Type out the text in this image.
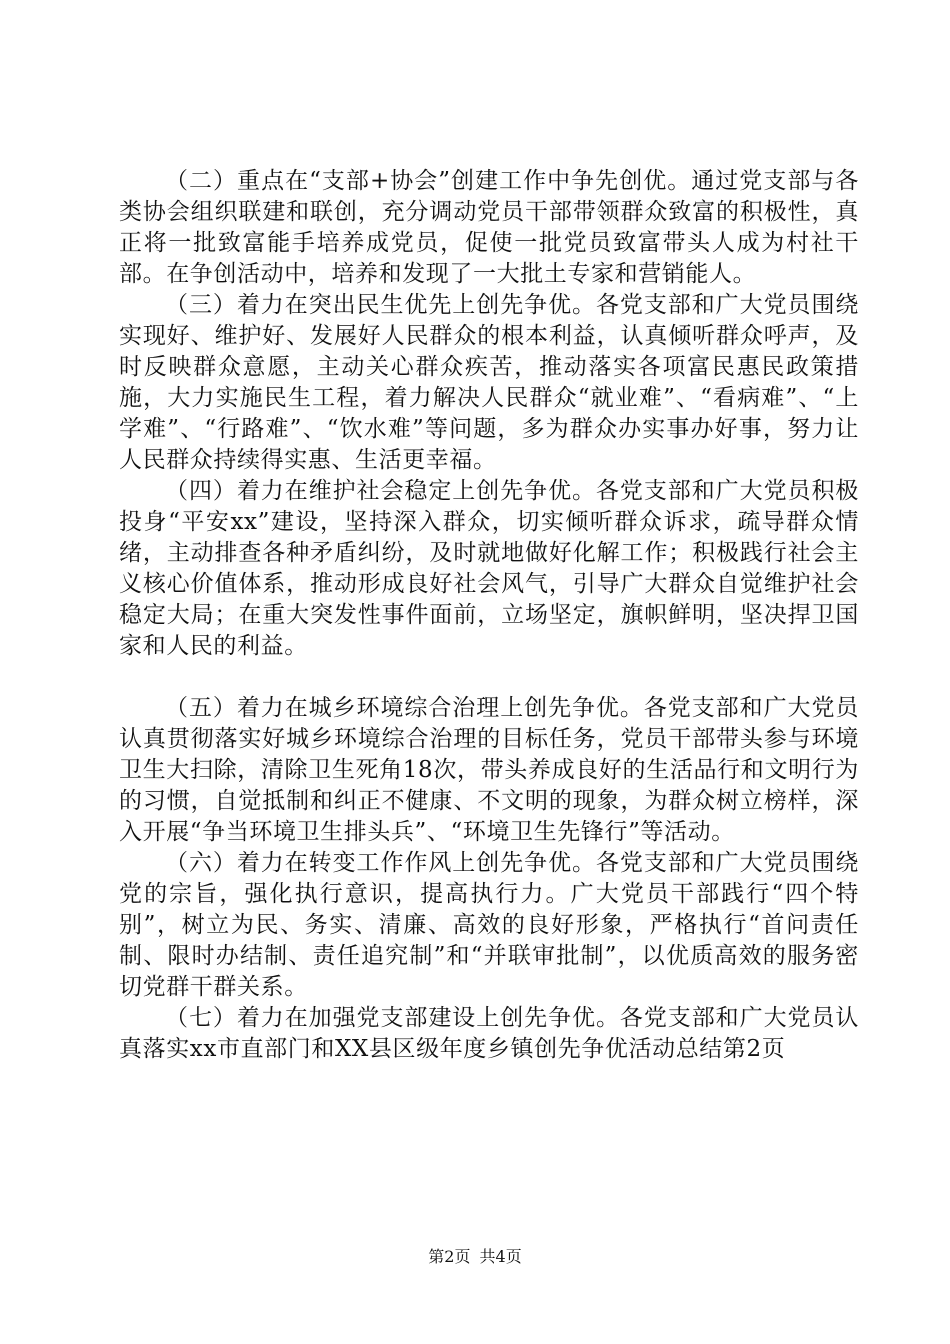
（二）重点在“支部+协会”创建工作中争先创优。通过党支部与各类协会组织联建和联创，充分调动党员干部带领群众致富的积极性，真正将一批致富能手培养成党员，促使一批党员致富带头人成为村社干部。在争创活动中，培养和发现了一大批土专家和营销能人。

（三）着力在突出民生优先上创先争优。各党支部和广大党员围绕实现好、维护好、发展好人民群众的根本利益，认真倾听群众呼声，及时反映群众意愿，主动关心群众疾苦，推动落实各项富民惠民政策措施，大力实施民生工程，着力解决人民群众“就业难”、“看病难”、“上学难”、“行路难”、“饮水难”等问题，多为群众办实事办好事，努力让人民群众持续得实惠、生活更幸福。

（四）着力在维护社会稳定上创先争优。各党支部和广大党员积极投身“平安xx”建设，坚持深入群众，切实倾听群众诉求，疏导群众情绪，主动排查各种矛盾纠纷，及时就地做好化解工作；积极践行社会主义核心价值体系，推动形成良好社会风气，引导广大群众自觉维护社会稳定大局；在重大突发性事件面前，立场坚定，旗帜鲜明，坚决捍卫国家和人民的利益。

（五）着力在城乡环境综合治理上创先争优。各党支部和广大党员认真贯彻落实好城乡环境综合治理的目标任务，党员干部带头参与环境卫生大扫除，清除卫生死角18次，带头养成良好的生活品行和文明行为的习惯，自觉抵制和纠正不健康、不文明的现象，为群众树立榜样，深入开展“争当环境卫生排头兵”、“环境卫生先锋行”等活动。

（六）着力在转变工作作风上创先争优。各党支部和广大党员围绕党的宗旨，强化执行意识，提高执行力。广大党员干部践行“四个特别”，树立为民、务实、清廉、高效的良好形象，严格执行“首问责任制、限时办结制、责任追究制”和“并联审批制”，以优质高效的服务密切党群干群关系。

（七）着力在加强党支部建设上创先争优。各党支部和广大党员认真落实xx市直部门和XX县区级年度乡镇创先争优活动总结第2页

第2页 共4页
